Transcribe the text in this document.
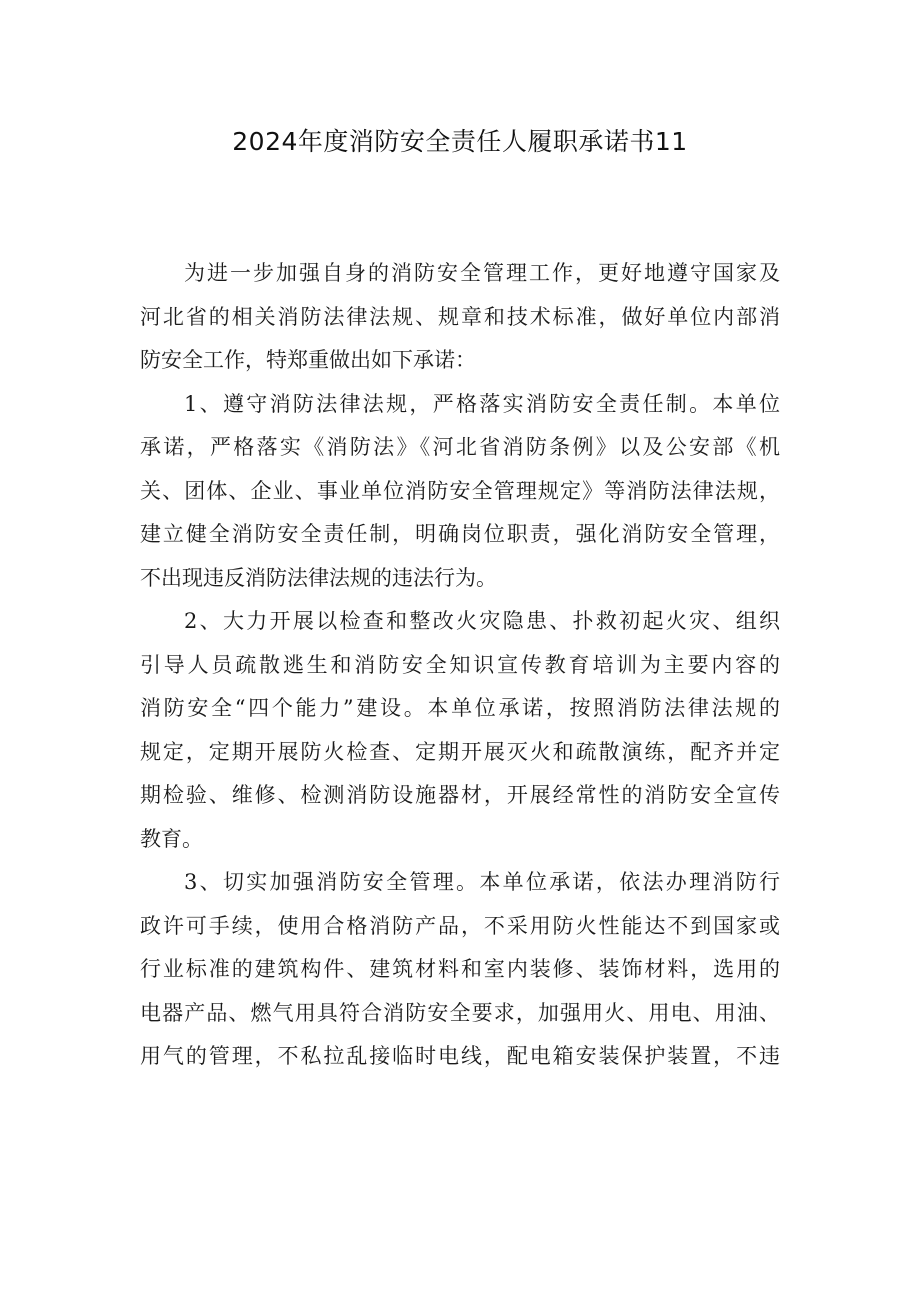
2024年度消防安全责任人履职承诺书11
为进一步加强自身的消防安全管理工作，更好地遵守国家及
河北省的相关消防法律法规、规章和技术标准，做好单位内部消
防安全工作，特郑重做出如下承诺：
1、遵守消防法律法规，严格落实消防安全责任制。本单位
承诺，严格落实《消防法》《河北省消防条例》以及公安部《机
关、团体、企业、事业单位消防安全管理规定》等消防法律法规，
建立健全消防安全责任制，明确岗位职责，强化消防安全管理，
不出现违反消防法律法规的违法行为。
2、大力开展以检查和整改火灾隐患、扑救初起火灾、组织
引导人员疏散逃生和消防安全知识宣传教育培训为主要内容的
消防安全“四个能力”建设。本单位承诺，按照消防法律法规的
规定，定期开展防火检查、定期开展灭火和疏散演练，配齐并定
期检验、维修、检测消防设施器材，开展经常性的消防安全宣传
教育。
3、切实加强消防安全管理。本单位承诺，依法办理消防行
政许可手续，使用合格消防产品，不采用防火性能达不到国家或
行业标准的建筑构件、建筑材料和室内装修、装饰材料，选用的
电器产品、燃气用具符合消防安全要求，加强用火、用电、用油、
用气的管理，不私拉乱接临时电线，配电箱安装保护装置，不违
